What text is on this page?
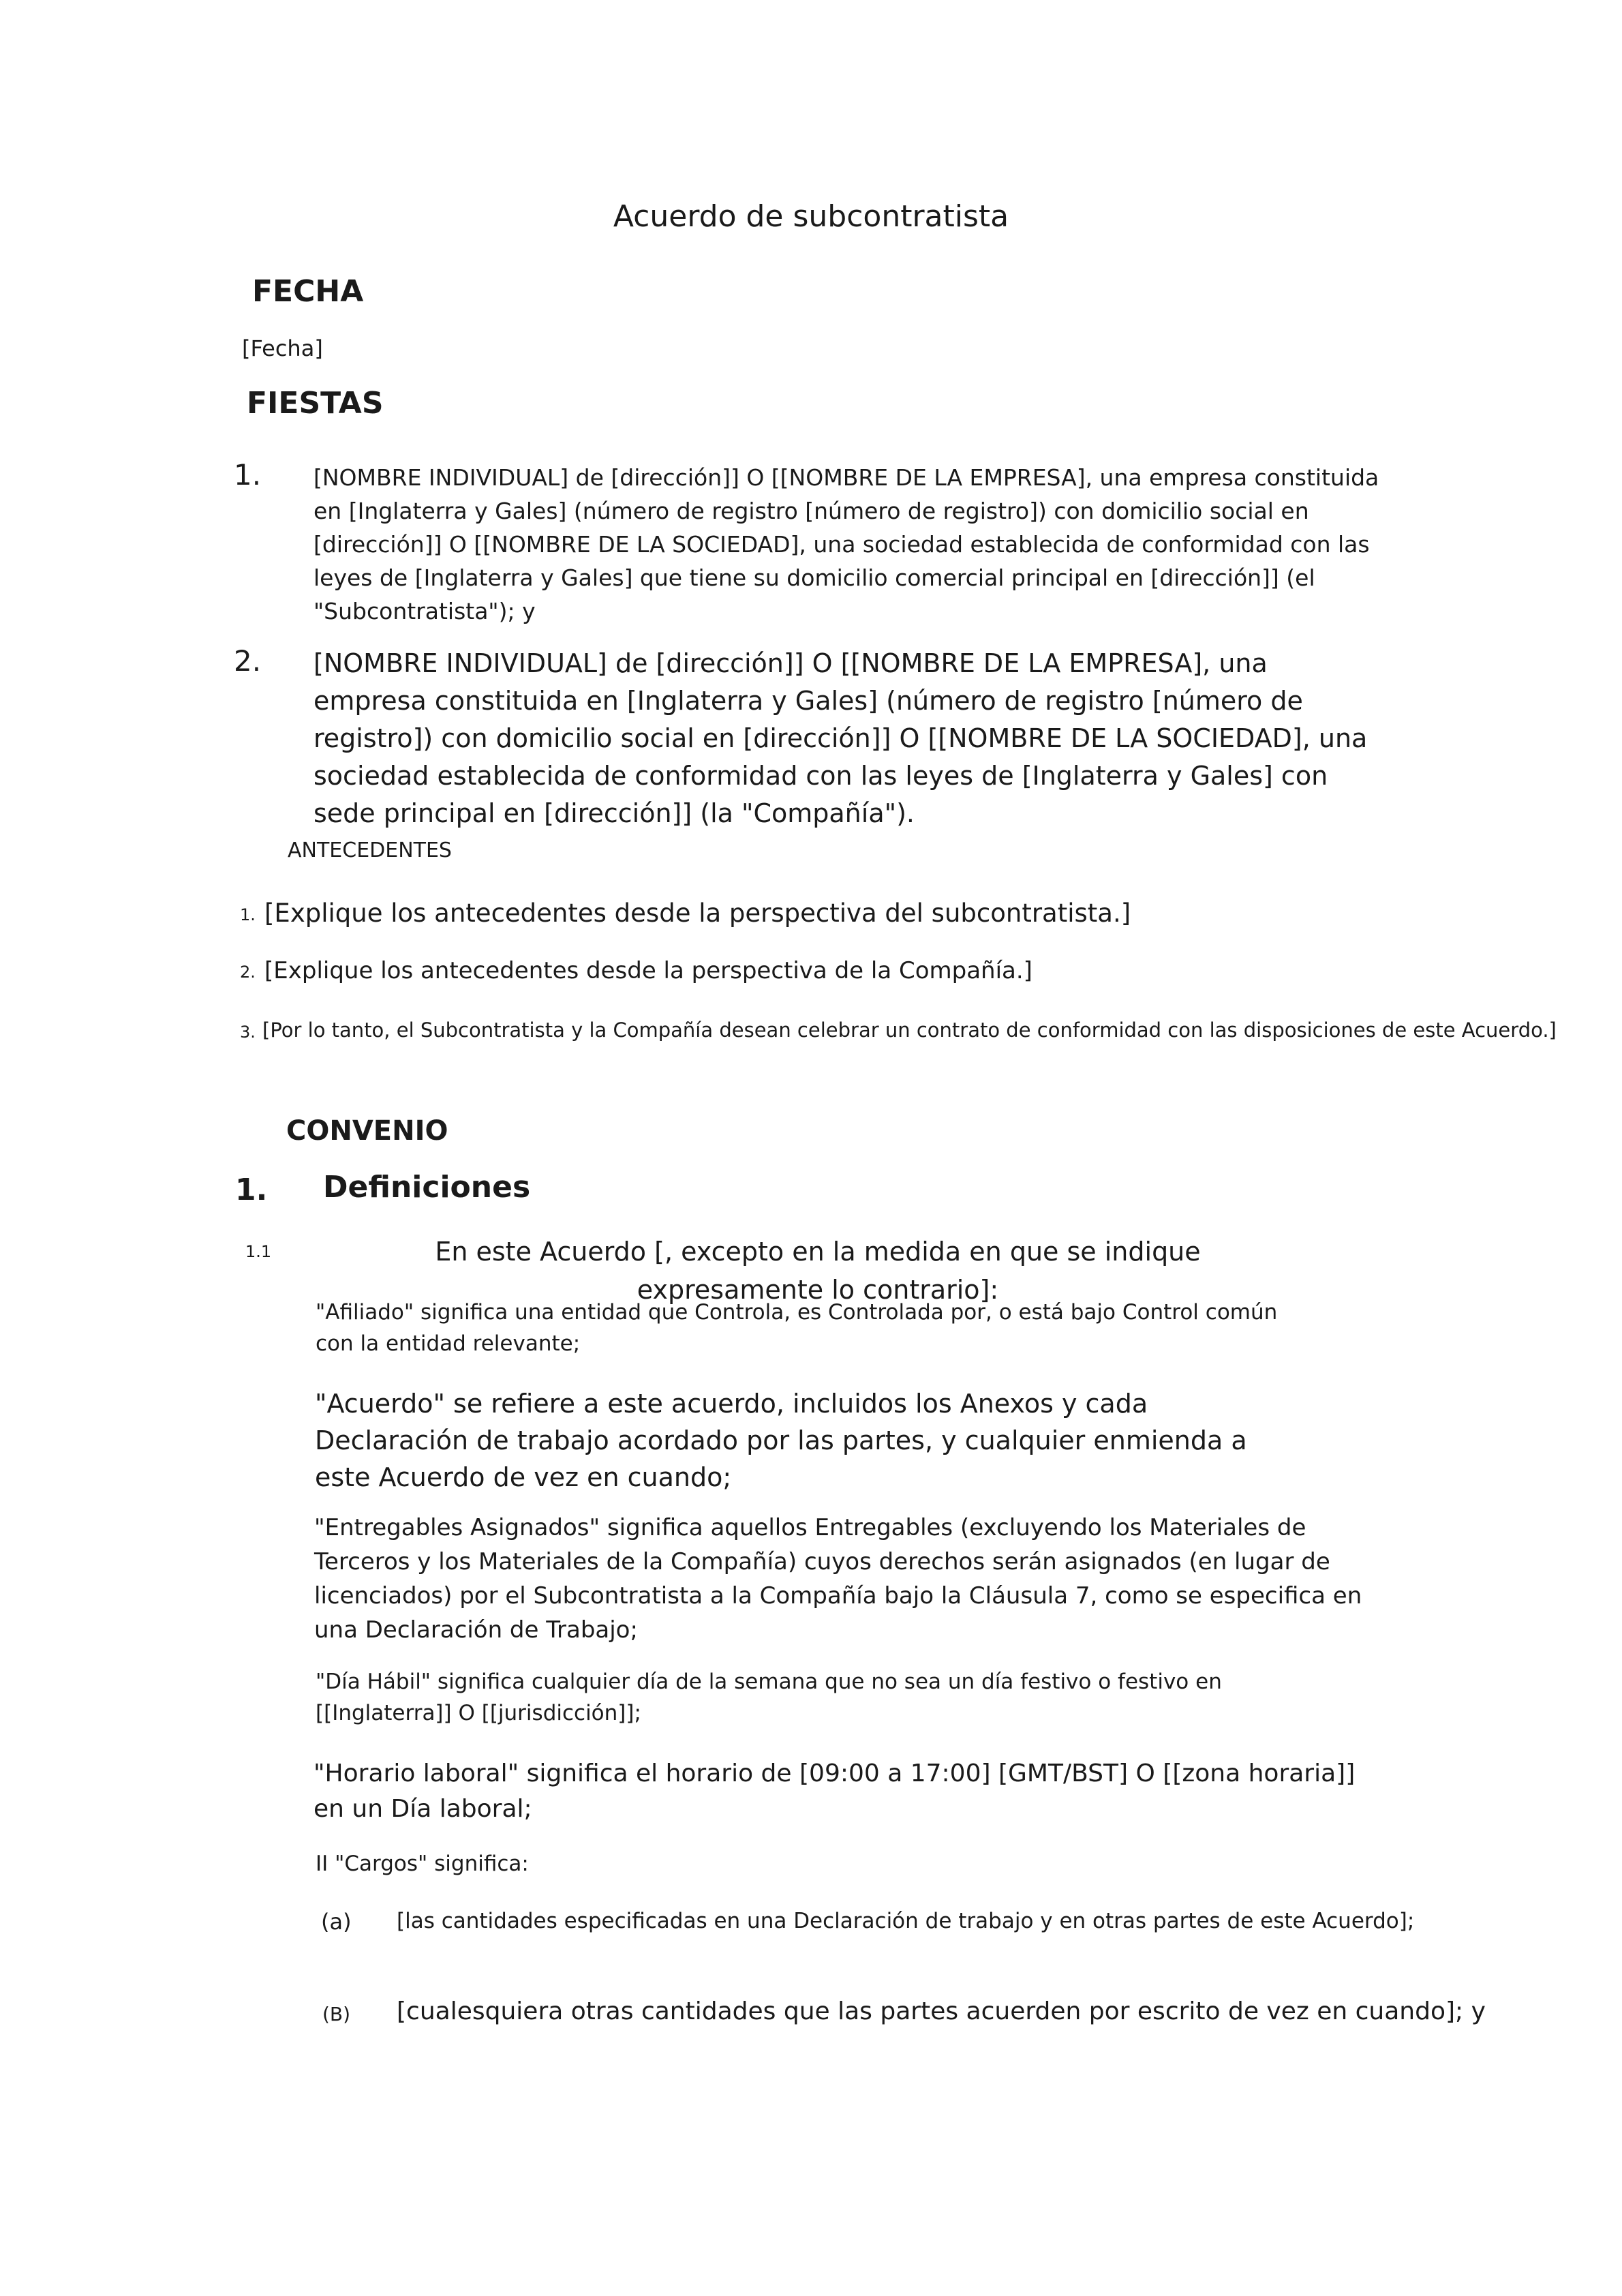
Acuerdo de subcontratista
FECHA

[Fecha]

FIESTAS
1. [NOMBRE INDIVIDUAL] de [dirección]] O [[NOMBRE DE LA EMPRESA], una empresa constituida en [Inglaterra y Gales] (número de registro [número de registro]) con domicilio social en [dirección]] O [[NOMBRE DE LA SOCIEDAD], una sociedad establecida de conformidad con las leyes de [Inglaterra y Gales] que tiene su domicilio comercial principal en [dirección]] (el "Subcontratista"); y

2. [NOMBRE INDIVIDUAL] de [dirección]] O [[NOMBRE DE LA EMPRESA], una empresa constituida en [Inglaterra y Gales] (número de registro [número de registro]) con domicilio social en [dirección]] O [[NOMBRE DE LA SOCIEDAD], una sociedad establecida de conformidad con las leyes de [Inglaterra y Gales] con sede principal en [dirección]] (la "Compañía").

ANTECEDENTES

1. [Explique los antecedentes desde la perspectiva del subcontratista.]

2. [Explique los antecedentes desde la perspectiva de la Compañía.]

3. [Por lo tanto, el Subcontratista y la Compañía desean celebrar un contrato de conformidad con las disposiciones de este Acuerdo.]

CONVENIO
1. Definiciones
1.1	En este Acuerdo [, excepto en la medida en que se indique expresamente lo contrario]:

"Afiliado" significa una entidad que Controla, es Controlada por, o está bajo Control común con la entidad relevante;

"Acuerdo" se refiere a este acuerdo, incluidos los Anexos y cada Declaración de trabajo acordado por las partes, y cualquier enmienda a este Acuerdo de vez en cuando;

"Entregables Asignados" significa aquellos Entregables (excluyendo los Materiales de Terceros y los Materiales de la Compañía) cuyos derechos serán asignados (en lugar de licenciados) por el Subcontratista a la Compañía bajo la Cláusula 7, como se especifica en una Declaración de Trabajo;

"Día Hábil" significa cualquier día de la semana que no sea un día festivo o festivo en [[Inglaterra]] O [[jurisdicción]];

"Horario laboral" significa el horario de [09:00 a 17:00] [GMT/BST] O [[zona horaria]] en un Día laboral;

II "Cargos" significa:

(a) [las cantidades especificadas en una Declaración de trabajo y en otras partes de este Acuerdo];

(B) [cualesquiera otras cantidades que las partes acuerden por escrito de vez en cuando]; y
